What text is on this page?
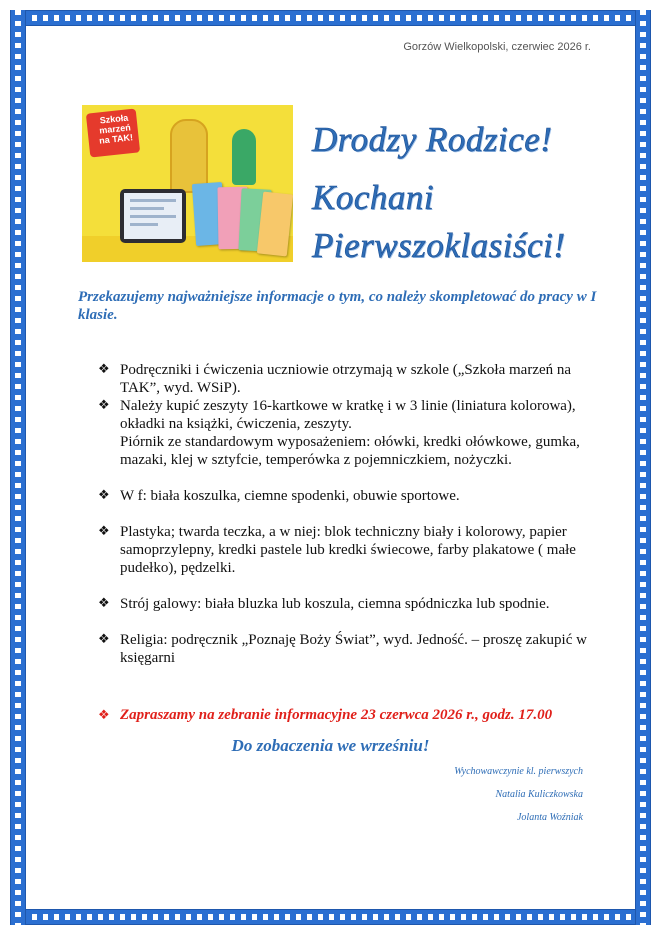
Gorzów Wielkopolski, czerwiec 2026 r.
Szkoła
marzeń
na TAK!	Drodzy Rodzice!
Kochani
Pierwszoklasiści!
Przekazujemy najważniejsze informacje o tym, co należy skompletować do pracy w I klasie.
❖ Podręczniki i ćwiczenia uczniowie otrzymają w szkole („Szkoła marzeń na TAK”, wyd. WSiP).
❖ Należy kupić zeszyty 16-kartkowe w kratkę i w 3 linie (liniatura kolorowa), okładki na książki, ćwiczenia, zeszyty.
Piórnik ze standardowym wyposażeniem: ołówki, kredki ołówkowe, gumka, mazaki, klej w sztyfcie, temperówka z pojemniczkiem, nożyczki.
❖ W f: biała koszulka, ciemne spodenki, obuwie sportowe.
❖ Plastyka; twarda teczka, a w niej: blok techniczny biały i kolorowy, papier samoprzylepny, kredki pastele lub kredki świecowe, farby plakatowe ( małe pudełko), pędzelki.
❖ Strój galowy: biała bluzka lub koszula, ciemna spódniczka lub spodnie.
❖ Religia: podręcznik „Poznaję Boży Świat”, wyd. Jedność. – proszę zakupić w księgarni
❖ Zapraszamy na zebranie informacyjne 23 czerwca 2026 r., godz. 17.00
Do zobaczenia we wrześniu!
Wychowawczynie kl. pierwszych
Natalia Kuliczkowska
Jolanta Woźniak
